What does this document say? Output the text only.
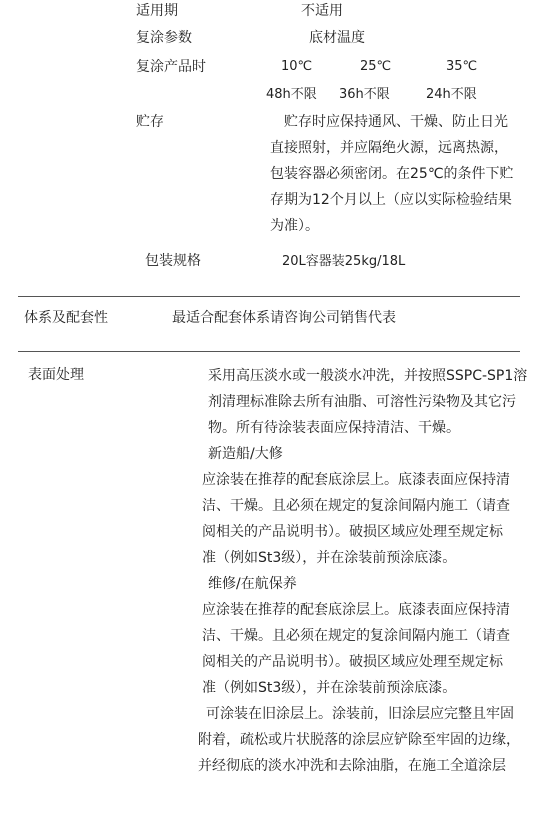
适用期	不适用
复涂参数	底材温度
复涂产品时	10℃	25℃	35℃
48h不限 36h不限	24h不限
贮存	贮存时应保持通风、干燥、防止日光
直接照射，并应隔绝火源，远离热源，
包装容器必须密闭。在25℃的条件下贮
存期为12个月以上（应以实际检验结果
为准）。
包装规格	20L容器装25kg/18L
体系及配套性	最适合配套体系请咨询公司销售代表
表面处理	采用高压淡水或一般淡水冲洗，并按照SSPC-SP1溶
剂清理标准除去所有油脂、可溶性污染物及其它污
物。所有待涂装表面应保持清洁、干燥。
新造船/大修
应涂装在推荐的配套底涂层上。底漆表面应保持清
洁、干燥。且必须在规定的复涂间隔内施工（请查
阅相关的产品说明书）。破损区域应处理至规定标
准（例如St3级），并在涂装前预涂底漆。
维修/在航保养
应涂装在推荐的配套底涂层上。底漆表面应保持清
洁、干燥。且必须在规定的复涂间隔内施工（请查
阅相关的产品说明书）。破损区域应处理至规定标
准（例如St3级），并在涂装前预涂底漆。
可涂装在旧涂层上。涂装前，旧涂层应完整且牢固
附着，疏松或片状脱落的涂层应铲除至牢固的边缘，
并经彻底的淡水冲洗和去除油脂，在施工全道涂层
